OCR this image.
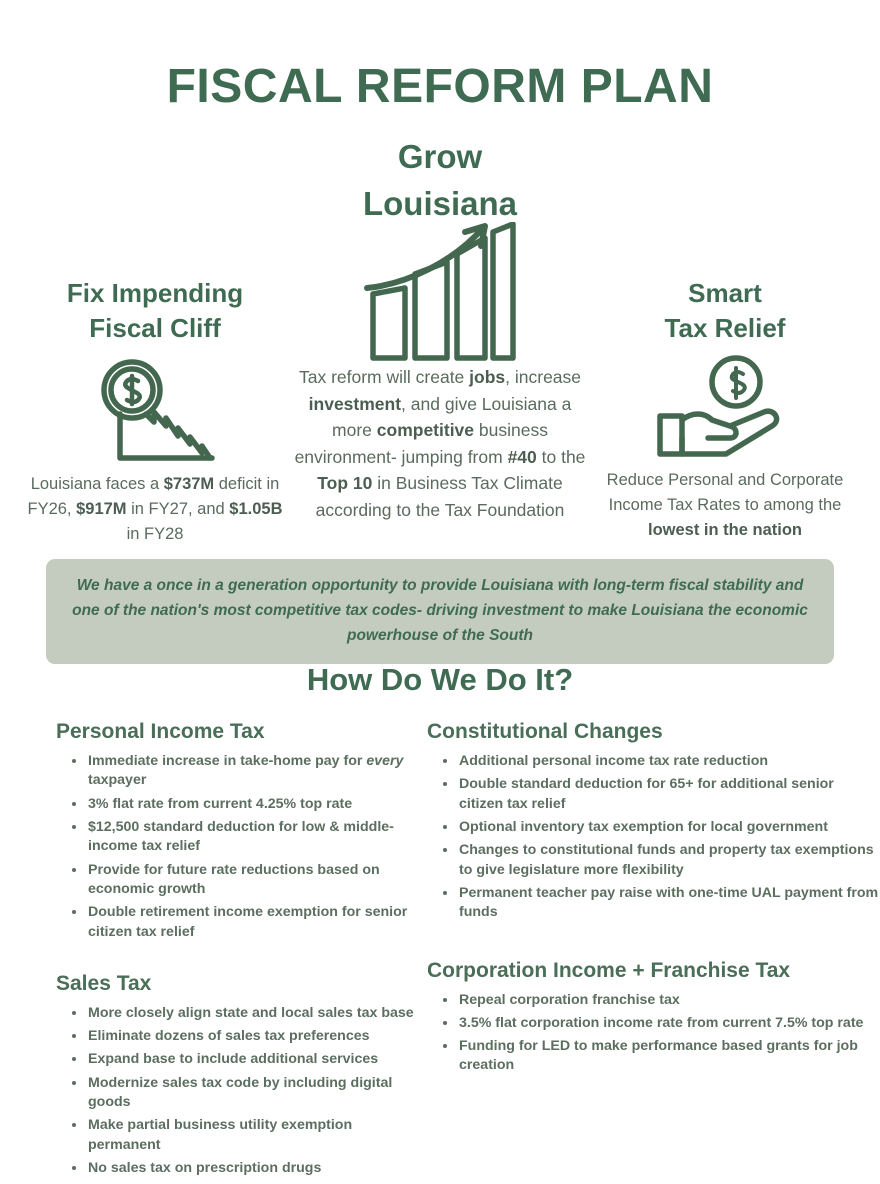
FISCAL REFORM PLAN
Grow
Louisiana
Fix Impending
Fiscal Cliff
Louisiana faces a $737M deficit in FY26, $917M in FY27, and $1.05B in FY28
Tax reform will create jobs, increase investment, and give Louisiana a more competitive business environment- jumping from #40 to the Top 10 in Business Tax Climate according to the Tax Foundation
Smart
Tax Relief
Reduce Personal and Corporate Income Tax Rates to among the lowest in the nation
We have a once in a generation opportunity to provide Louisiana with long-term fiscal stability and one of the nation's most competitive tax codes- driving investment to make Louisiana the economic powerhouse of the South
How Do We Do It?
Personal Income Tax
Immediate increase in take-home pay for every taxpayer
3% flat rate from current 4.25% top rate
$12,500 standard deduction for low & middle-income tax relief
Provide for future rate reductions based on economic growth
Double retirement income exemption for senior citizen tax relief
Sales Tax
More closely align state and local sales tax base
Eliminate dozens of sales tax preferences
Expand base to include additional services
Modernize sales tax code by including digital goods
Make partial business utility exemption permanent
No sales tax on prescription drugs
Constitutional Changes
Additional personal income tax rate reduction
Double standard deduction for 65+ for additional senior citizen tax relief
Optional inventory tax exemption for local government
Changes to constitutional funds and property tax exemptions to give legislature more flexibility
Permanent teacher pay raise with one-time UAL payment from funds
Corporation Income + Franchise Tax
Repeal corporation franchise tax
3.5% flat corporation income rate from current 7.5% top rate
Funding for LED to make performance based grants for job creation
